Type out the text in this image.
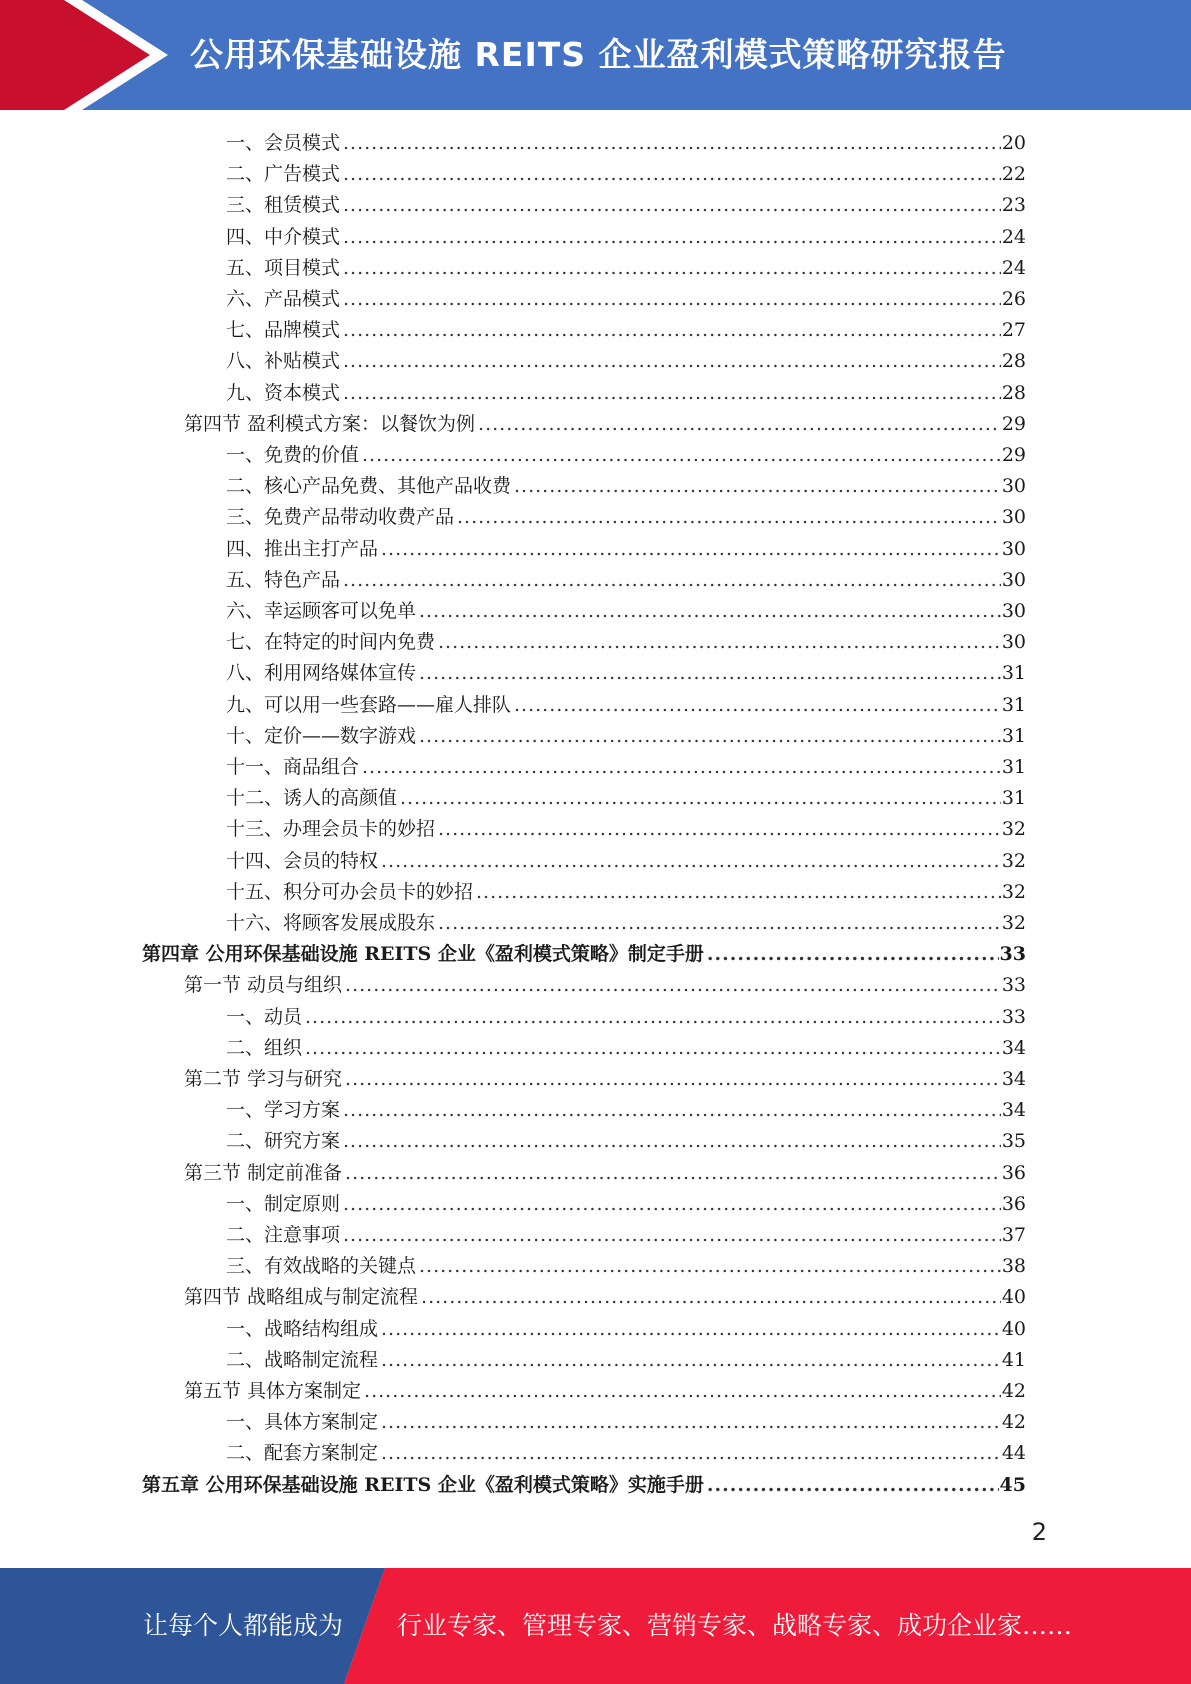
公用环保基础设施 REITS 企业盈利模式策略研究报告
一、会员模式 .....	20
二、广告模式 .....	22
三、租赁模式 .....	23
四、中介模式 .....	24
五、项目模式 .....	24
六、产品模式 .....	26
七、品牌模式 .....	27
八、补贴模式 .....	28
九、资本模式 .....	28
第四节 盈利模式方案：以餐饮为例 .....	29
一、免费的价值 .....	29
二、核心产品免费、其他产品收费 .....	30
三、免费产品带动收费产品 .....	30
四、推出主打产品 .....	30
五、特色产品 .....	30
六、幸运顾客可以免单 .....	30
七、在特定的时间内免费 .....	30
八、利用网络媒体宣传 .....	31
九、可以用一些套路——雇人排队 .....	31
十、定价——数字游戏 .....	31
十一、商品组合 .....	31
十二、诱人的高颜值 .....	31
十三、办理会员卡的妙招 .....	32
十四、会员的特权 .....	32
十五、积分可办会员卡的妙招 .....	32
十六、将顾客发展成股东 .....	32
第四章 公用环保基础设施 REITS 企业《盈利模式策略》制定手册 .....	33
第一节 动员与组织 .....	33
一、动员 .....	33
二、组织 .....	34
第二节 学习与研究 .....	34
一、学习方案 .....	34
二、研究方案 .....	35
第三节 制定前准备 .....	36
一、制定原则 .....	36
二、注意事项 .....	37
三、有效战略的关键点 .....	38
第四节 战略组成与制定流程 .....	40
一、战略结构组成 .....	40
二、战略制定流程 .....	41
第五节 具体方案制定 .....	42
一、具体方案制定 .....	42
二、配套方案制定 .....	44
第五章 公用环保基础设施 REITS 企业《盈利模式策略》实施手册 .....	45
2
让每个人都能成为 行业专家、管理专家、营销专家、战略专家、成功企业家……
